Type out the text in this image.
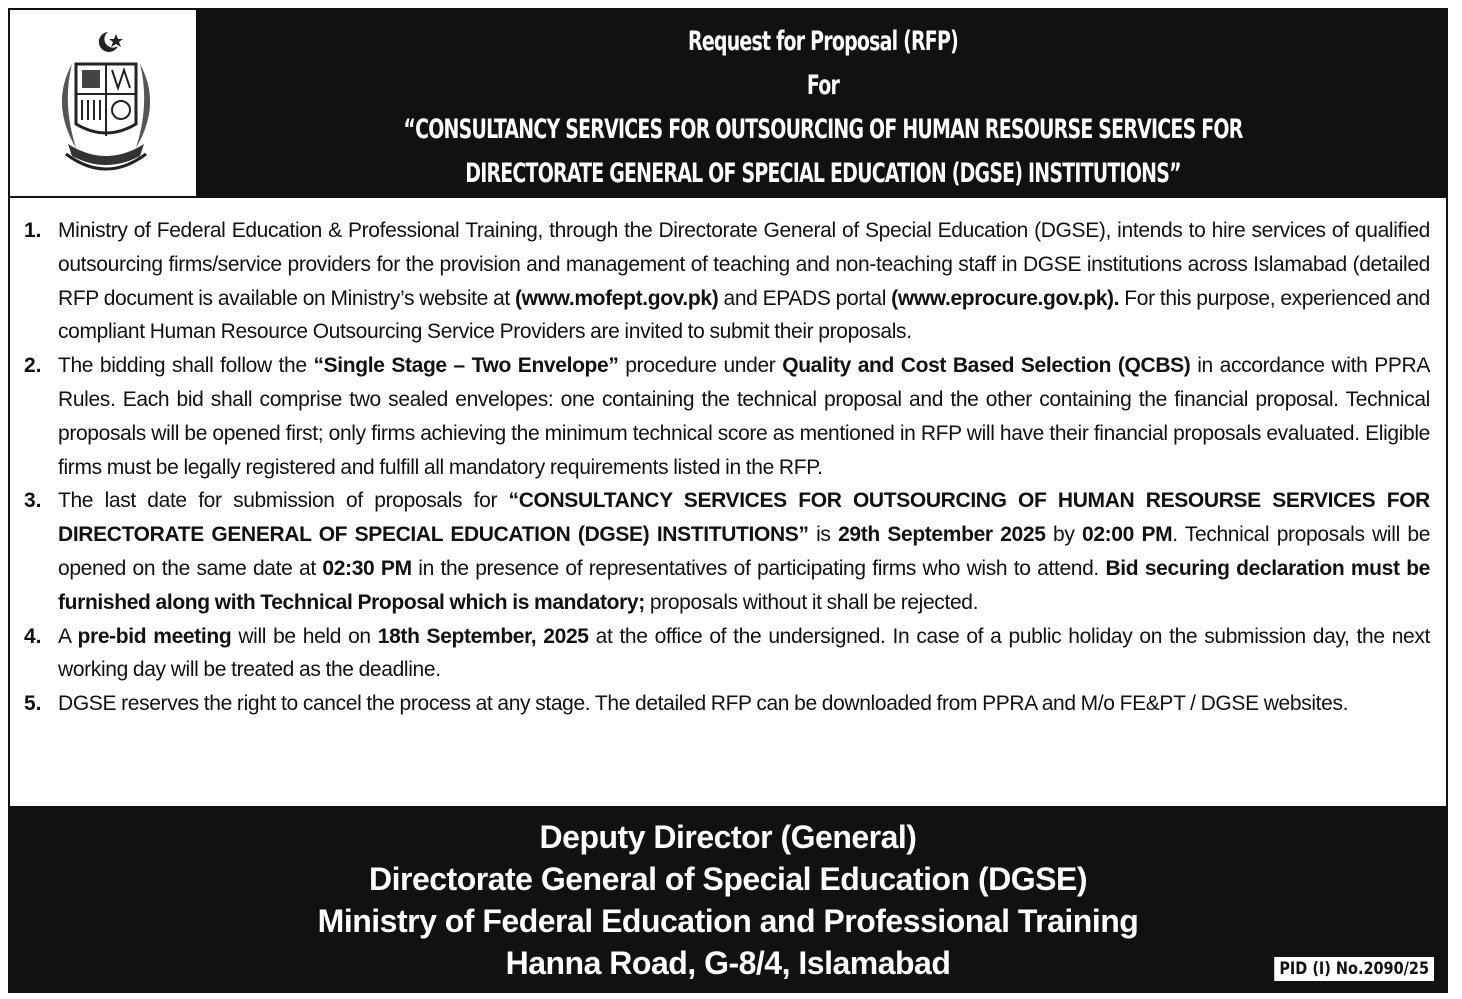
Request for Proposal (RFP)
For
“CONSULTANCY SERVICES FOR OUTSOURCING OF HUMAN RESOURSE SERVICES FOR
DIRECTORATE GENERAL OF SPECIAL EDUCATION (DGSE) INSTITUTIONS”
1. Ministry of Federal Education & Professional Training, through the Directorate General of Special Education (DGSE), intends to hire services of qualified outsourcing firms/service providers for the provision and management of teaching and non-teaching staff in DGSE institutions across Islamabad (detailed RFP document is available on Ministry’s website at (www.mofept.gov.pk) and EPADS portal (www.eprocure.gov.pk). For this purpose, experienced and compliant Human Resource Outsourcing Service Providers are invited to submit their proposals.

2. The bidding shall follow the “Single Stage – Two Envelope” procedure under Quality and Cost Based Selection (QCBS) in accordance with PPRA Rules. Each bid shall comprise two sealed envelopes: one containing the technical proposal and the other containing the financial proposal. Technical proposals will be opened first; only firms achieving the minimum technical score as mentioned in RFP will have their financial proposals evaluated. Eligible firms must be legally registered and fulfill all mandatory requirements listed in the RFP.

3. The last date for submission of proposals for “CONSULTANCY SERVICES FOR OUTSOURCING OF HUMAN RESOURSE SERVICES FOR DIRECTORATE GENERAL OF SPECIAL EDUCATION (DGSE) INSTITUTIONS” is 29th September 2025 by 02:00 PM. Technical proposals will be opened on the same date at 02:30 PM in the presence of representatives of participating firms who wish to attend. Bid securing declaration must be furnished along with Technical Proposal which is mandatory; proposals without it shall be rejected.

4. A pre-bid meeting will be held on 18th September, 2025 at the office of the undersigned. In case of a public holiday on the submission day, the next working day will be treated as the deadline.

5. DGSE reserves the right to cancel the process at any stage. The detailed RFP can be downloaded from PPRA and M/o FE&PT / DGSE websites.

Deputy Director (General)
Directorate General of Special Education (DGSE)
Ministry of Federal Education and Professional Training
Hanna Road, G-8/4, Islamabad	PID (I) No.2090/25
